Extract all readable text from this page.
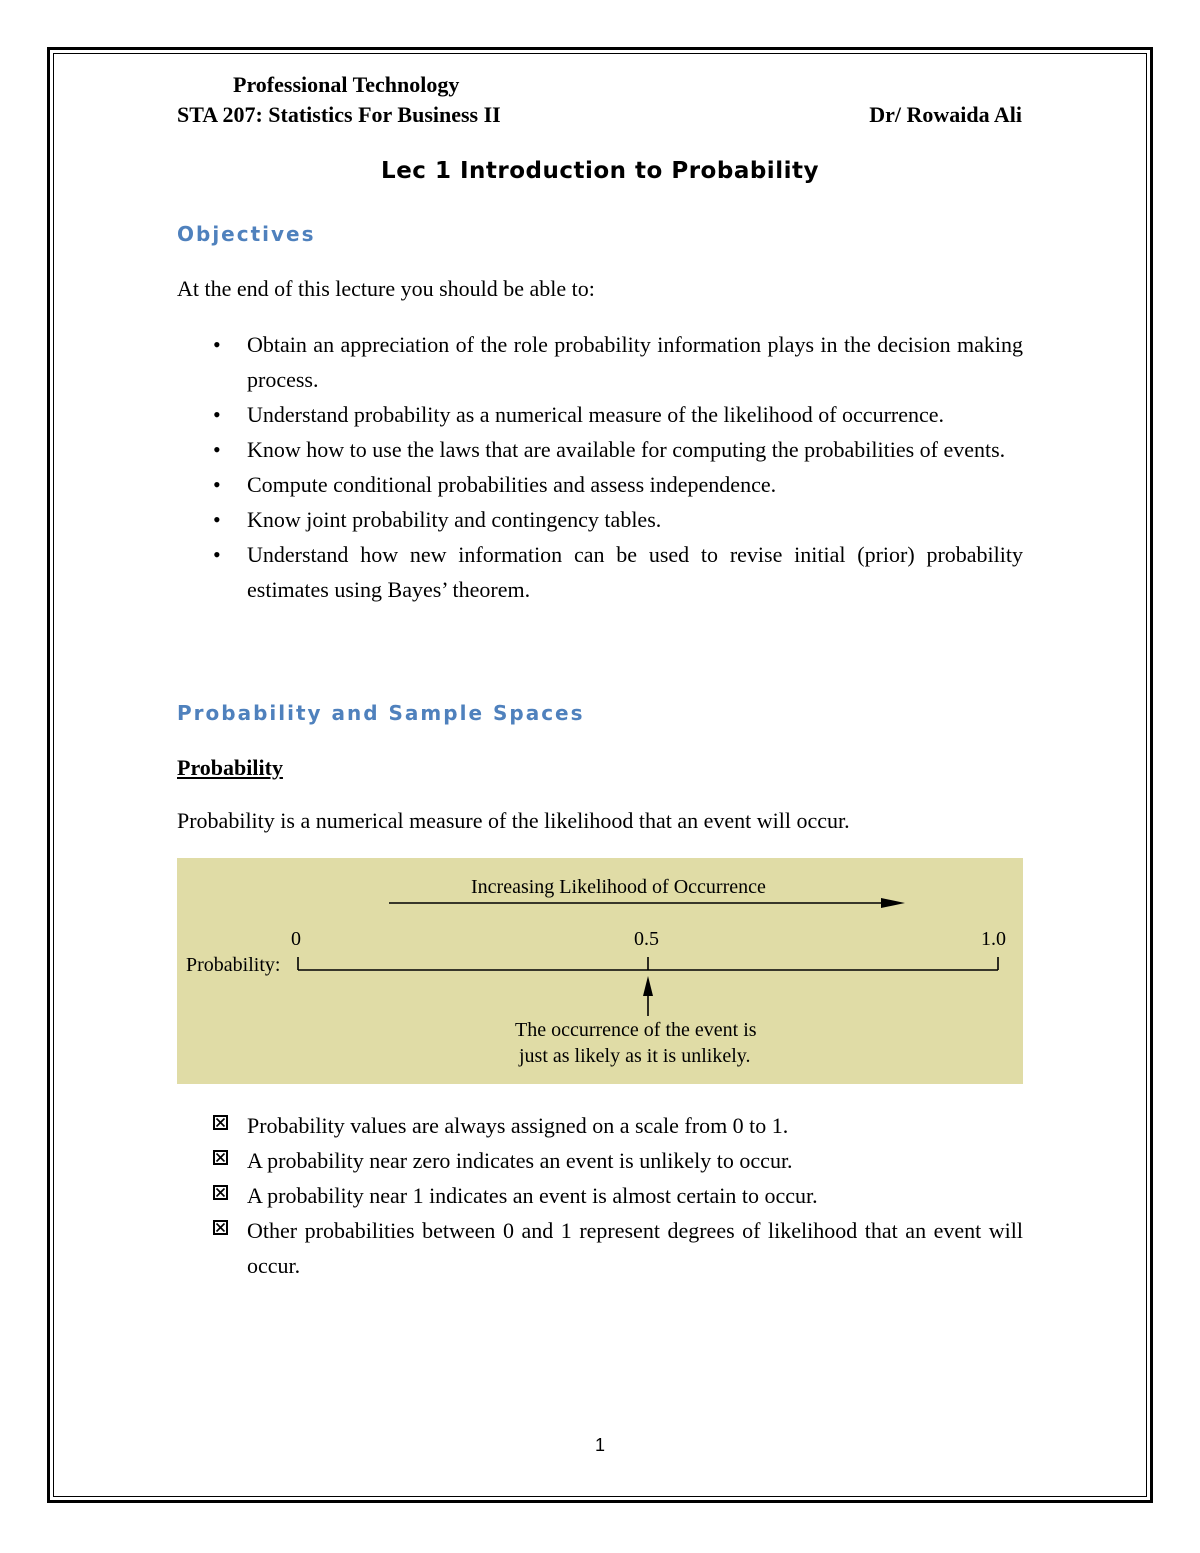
Professional Technology
STA 207: Statistics For Business II	Dr/ Rowaida Ali
Lec 1 Introduction to Probability
Objectives
At the end of this lecture you should be able to:
• Obtain an appreciation of the role probability information plays in the decision making process.
• Understand probability as a numerical measure of the likelihood of occurrence.
• Know how to use the laws that are available for computing the probabilities of events.
• Compute conditional probabilities and assess independence.
• Know joint probability and contingency tables.
• Understand how new information can be used to revise initial (prior) probability estimates using Bayes’ theorem.
Probability and Sample Spaces
Probability
Probability is a numerical measure of the likelihood that an event will occur.
Increasing Likelihood of Occurrence
0	0.5	1.0
Probability:
The occurrence of the event is
just as likely as it is unlikely.
Probability values are always assigned on a scale from 0 to 1.
A probability near zero indicates an event is unlikely to occur.
A probability near 1 indicates an event is almost certain to occur.
Other probabilities between 0 and 1 represent degrees of likelihood that an event will occur.
1
